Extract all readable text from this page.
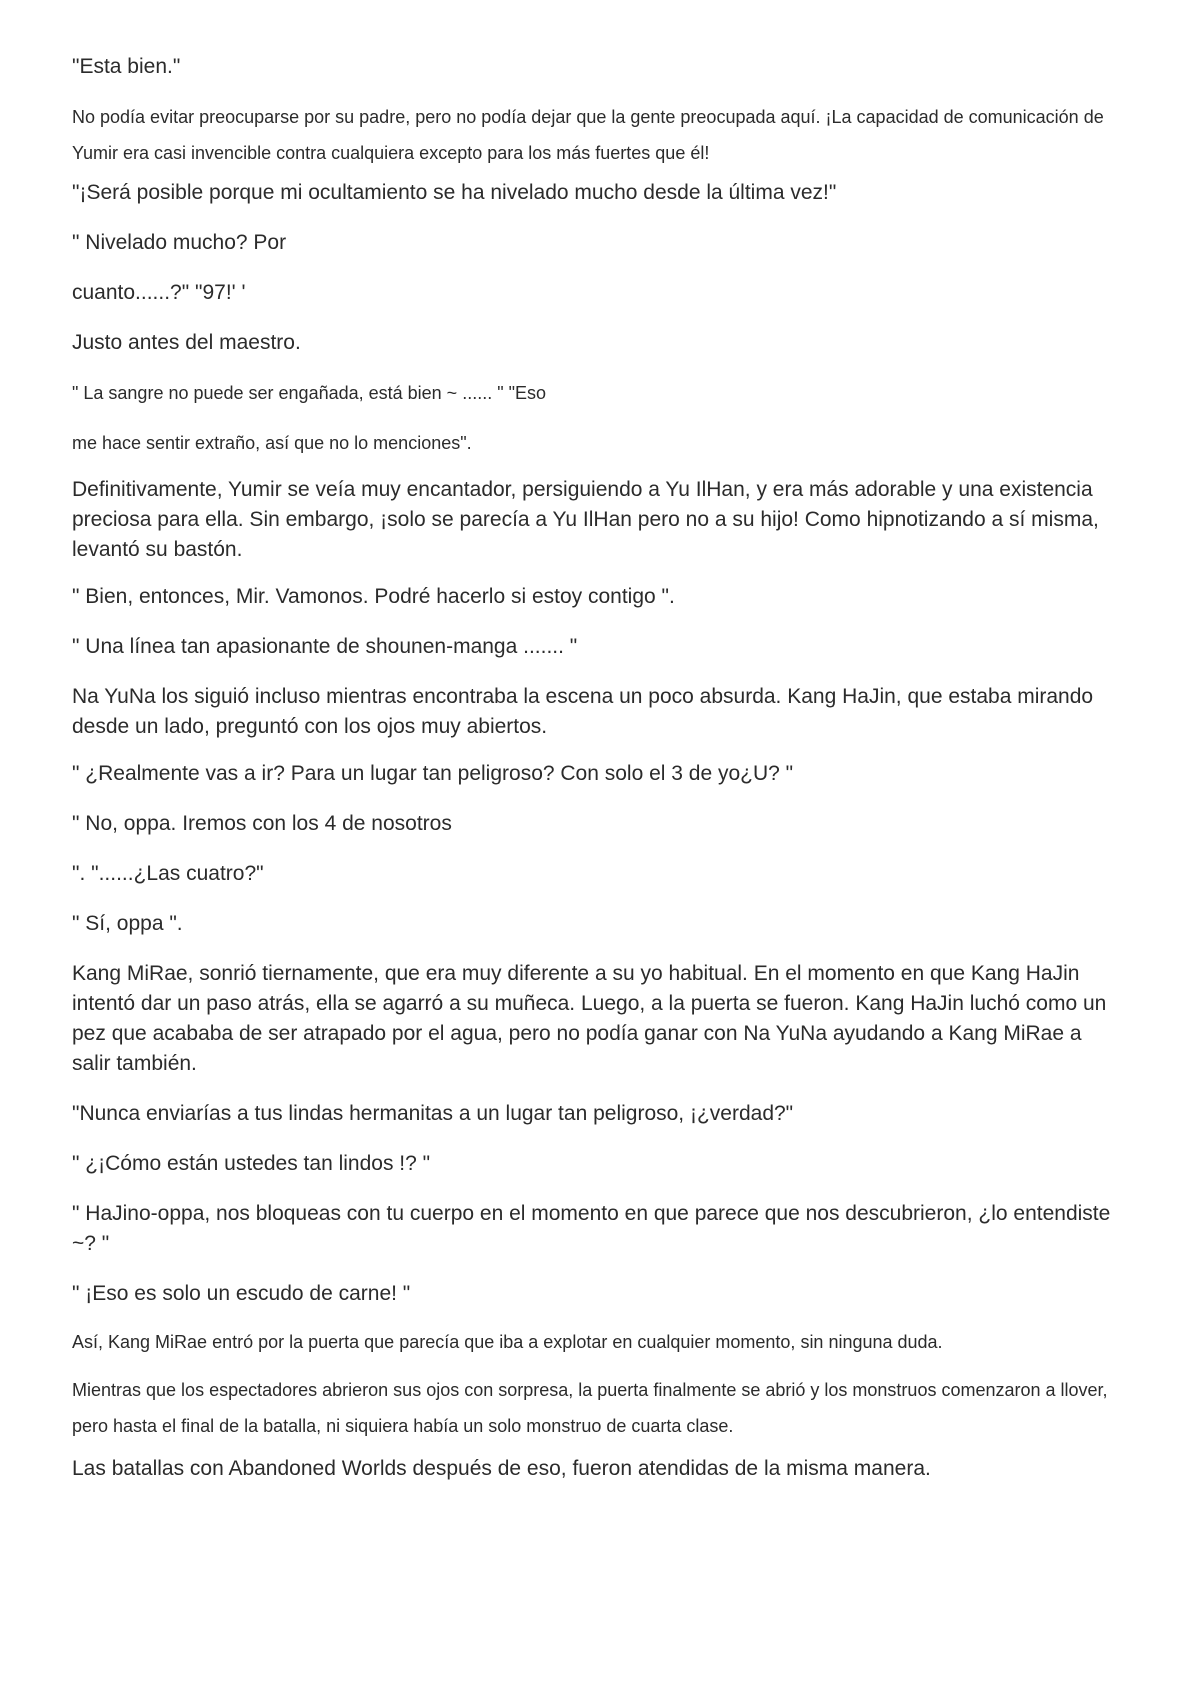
"Esta bien."

No podía evitar preocuparse por su padre, pero no podía dejar que la gente preocupada aquí. ¡La capacidad de comunicación de Yumir era casi invencible contra cualquiera excepto para los más fuertes que él!

"¡Será posible porque mi ocultamiento se ha nivelado mucho desde la última vez!"

" Nivelado mucho? Por

cuanto......?" "97!' '

Justo antes del maestro.

" La sangre no puede ser engañada, está bien ~ ...... " "Eso

me hace sentir extraño, así que no lo menciones".

Definitivamente, Yumir se veía muy encantador, persiguiendo a Yu IlHan, y era más adorable y una existencia preciosa para ella. Sin embargo, ¡solo se parecía a Yu IlHan pero no a su hijo! Como hipnotizando a sí misma, levantó su bastón.

" Bien, entonces, Mir. Vamonos. Podré hacerlo si estoy contigo ".

" Una línea tan apasionante de shounen-manga ....... "

Na YuNa los siguió incluso mientras encontraba la escena un poco absurda. Kang HaJin, que estaba mirando desde un lado, preguntó con los ojos muy abiertos.

" ¿Realmente vas a ir? Para un lugar tan peligroso? Con solo el 3 de yo¿U? "

" No, oppa. Iremos con los 4 de nosotros

". "......¿Las cuatro?"

" Sí, oppa ".

Kang MiRae, sonrió tiernamente, que era muy diferente a su yo habitual. En el momento en que Kang HaJin intentó dar un paso atrás, ella se agarró a su muñeca. Luego, a la puerta se fueron. Kang HaJin luchó como un pez que acababa de ser atrapado por el agua, pero no podía ganar con Na YuNa ayudando a Kang MiRae a salir también.

"Nunca enviarías a tus lindas hermanitas a un lugar tan peligroso, ¡¿verdad?"

" ¿¡Cómo están ustedes tan lindos !? "

" HaJino-oppa, nos bloqueas con tu cuerpo en el momento en que parece que nos descubrieron, ¿lo entendiste ~? "

" ¡Eso es solo un escudo de carne! "

Así, Kang MiRae entró por la puerta que parecía que iba a explotar en cualquier momento, sin ninguna duda.

Mientras que los espectadores abrieron sus ojos con sorpresa, la puerta finalmente se abrió y los monstruos comenzaron a llover, pero hasta el final de la batalla, ni siquiera había un solo monstruo de cuarta clase.

Las batallas con Abandoned Worlds después de eso, fueron atendidas de la misma manera.
